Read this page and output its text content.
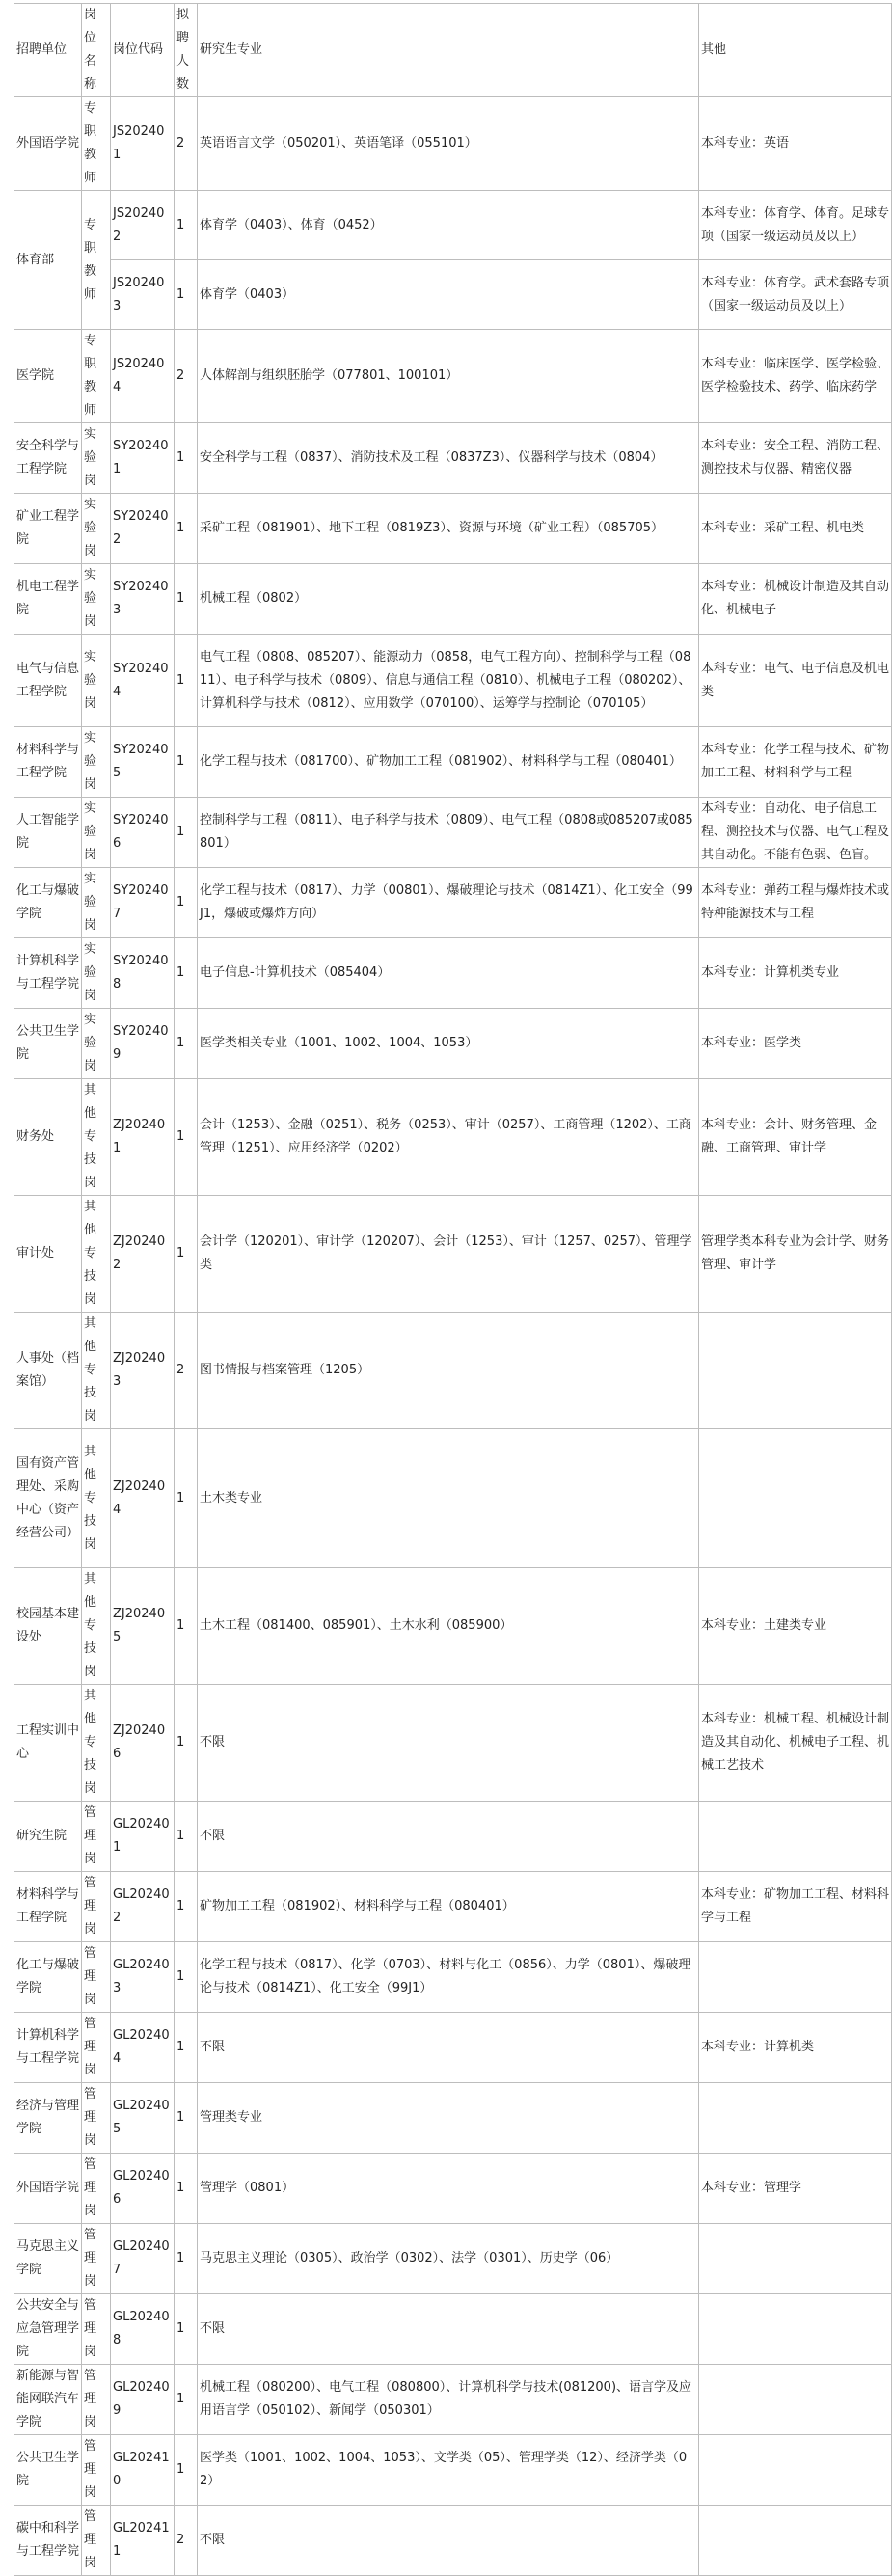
招聘单位	岗位名称	岗位代码	拟聘人数	研究生专业	其他
外国语学院	专职教师	JS202401	2	英语语言文学（050201）、英语笔译（055101）	本科专业：英语
体育部	专职教师	JS202402	1	体育学（0403）、体育（0452）	本科专业：体育学、体育。足球专项（国家一级运动员及以上）
		JS202403	1	体育学（0403）	本科专业：体育学。武术套路专项（国家一级运动员及以上）
医学院	专职教师	JS202404	2	人体解剖与组织胚胎学（077801、100101）	本科专业：临床医学、医学检验、医学检验技术、药学、临床药学
安全科学与工程学院	实验岗	SY202401	1	安全科学与工程（0837）、消防技术及工程（0837Z3）、仪器科学与技术（0804）	本科专业：安全工程、消防工程、测控技术与仪器、精密仪器
矿业工程学院	实验岗	SY202402	1	采矿工程（081901）、地下工程（0819Z3）、资源与环境（矿业工程）（085705）	本科专业：采矿工程、机电类
机电工程学院	实验岗	SY202403	1	机械工程（0802）	本科专业：机械设计制造及其自动化、机械电子
电气与信息工程学院	实验岗	SY202404	1	电气工程（0808、085207）、能源动力（0858，电气工程方向）、控制科学与工程（0811）、电子科学与技术（0809）、信息与通信工程（0810）、机械电子工程（080202）、计算机科学与技术（0812）、应用数学（070100）、运筹学与控制论（070105）	本科专业：电气、电子信息及机电类
材料科学与工程学院	实验岗	SY202405	1	化学工程与技术（081700）、矿物加工工程（081902）、材料科学与工程（080401）	本科专业：化学工程与技术、矿物加工工程、材料科学与工程
人工智能学院	实验岗	SY202406	1	控制科学与工程（0811）、电子科学与技术（0809）、电气工程（0808或085207或085801）	本科专业：自动化、电子信息工程、测控技术与仪器、电气工程及其自动化。不能有色弱、色盲。
化工与爆破学院	实验岗	SY202407	1	化学工程与技术（0817）、力学（00801）、爆破理论与技术（0814Z1）、化工安全（99J1，爆破或爆炸方向）	本科专业：弹药工程与爆炸技术或特种能源技术与工程
计算机科学与工程学院	实验岗	SY202408	1	电子信息-计算机技术（085404）	本科专业：计算机类专业
公共卫生学院	实验岗	SY202409	1	医学类相关专业（1001、1002、1004、1053）	本科专业：医学类
财务处	其他专技岗	ZJ202401	1	会计（1253）、金融（0251）、税务（0253）、审计（0257）、工商管理（1202）、工商管理（1251）、应用经济学（0202）	本科专业：会计、财务管理、金融、工商管理、审计学
审计处	其他专技岗	ZJ202402	1	会计学（120201）、审计学（120207）、会计（1253）、审计（1257、0257）、管理学类	管理学类本科专业为会计学、财务管理、审计学
人事处（档案馆）	其他专技岗	ZJ202403	2	图书情报与档案管理（1205）	
国有资产管理处、采购中心（资产经营公司）	其他专技岗	ZJ202404	1	土木类专业	
校园基本建设处	其他专技岗	ZJ202405	1	土木工程（081400、085901）、土木水利（085900）	本科专业：土建类专业
工程实训中心	其他专技岗	ZJ202406	1	不限	本科专业：机械工程、机械设计制造及其自动化、机械电子工程、机械工艺技术
研究生院	管理岗	GL202401	1	不限	
材料科学与工程学院	管理岗	GL202402	1	矿物加工工程（081902）、材料科学与工程（080401）	本科专业：矿物加工工程、材料科学与工程
化工与爆破学院	管理岗	GL202403	1	化学工程与技术（0817）、化学（0703）、材料与化工（0856）、力学（0801）、爆破理论与技术（0814Z1）、化工安全（99J1）	
计算机科学与工程学院	管理岗	GL202404	1	不限	本科专业：计算机类
经济与管理学院	管理岗	GL202405	1	管理类专业	
外国语学院	管理岗	GL202406	1	管理学（0801）	本科专业：管理学
马克思主义学院	管理岗	GL202407	1	马克思主义理论（0305）、政治学（0302）、法学（0301）、历史学（06）	
公共安全与应急管理学院	管理岗	GL202408	1	不限	
新能源与智能网联汽车学院	管理岗	GL202409	1	机械工程（080200）、电气工程（080800）、计算机科学与技术(081200)、语言学及应用语言学（050102）、新闻学（050301）	
公共卫生学院	管理岗	GL202410	1	医学类（1001、1002、1004、1053）、文学类（05）、管理学类（12）、经济学类（02）	
碳中和科学与工程学院	管理岗	GL202411	2	不限	
